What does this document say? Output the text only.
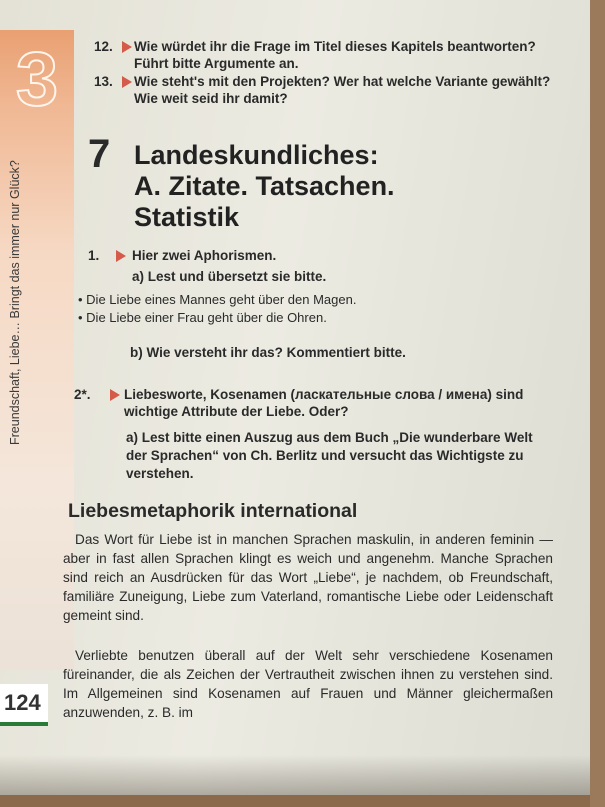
3
Freundschaft, Liebe… Bringt das immer nur Glück?
12. Wie würdet ihr die Frage im Titel dieses Kapitels beantworten? Führt bitte Argumente an.
13. Wie steht's mit den Projekten? Wer hat welche Variante gewählt? Wie weit seid ihr damit?
7 Landeskundliches:
A. Zitate. Tatsachen.
Statistik
1. Hier zwei Aphorismen.
a) Lest und übersetzt sie bitte.
• Die Liebe eines Mannes geht über den Magen.
• Die Liebe einer Frau geht über die Ohren.
b) Wie versteht ihr das? Kommentiert bitte.
2*. Liebesworte, Kosenamen (ласкательные слова / имена) sind wichtige Attribute der Liebe. Oder?
a) Lest bitte einen Auszug aus dem Buch „Die wunderbare Welt der Sprachen“ von Ch. Berlitz und versucht das Wichtigste zu verstehen.
Liebesmetaphorik international
Das Wort für Liebe ist in manchen Sprachen maskulin, in anderen feminin — aber in fast allen Sprachen klingt es weich und angenehm. Manche Sprachen sind reich an Ausdrücken für das Wort „Liebe“, je nachdem, ob Freundschaft, familiäre Zuneigung, Liebe zum Vaterland, romantische Liebe oder Leidenschaft gemeint sind.
Verliebte benutzen überall auf der Welt sehr verschiedene Kosenamen füreinander, die als Zeichen der Vertrautheit zwischen ihnen zu verstehen sind. Im Allgemeinen sind Kosenamen auf Frauen und Männer gleichermaßen anzuwenden, z. B. im
124
